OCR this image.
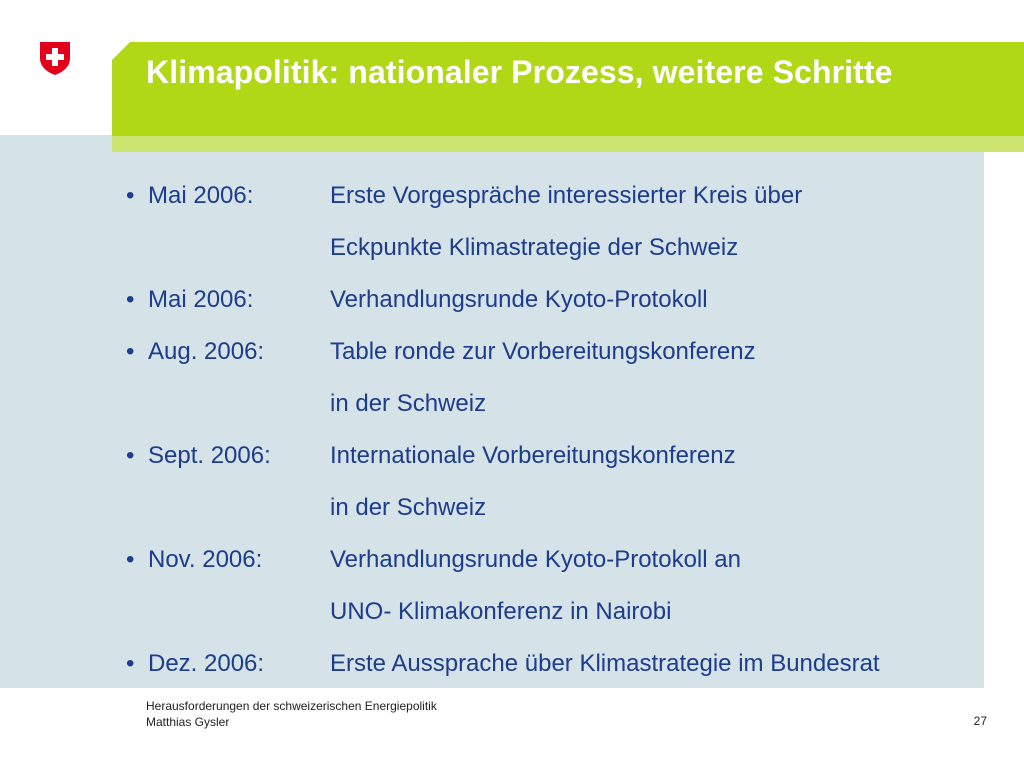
Klimapolitik: nationaler Prozess, weitere Schritte
• Mai 2006:	Erste Vorgespräche interessierter Kreis über
Eckpunkte Klimastrategie der Schweiz
• Mai 2006:	Verhandlungsrunde Kyoto-Protokoll
• Aug. 2006:	Table ronde zur Vorbereitungskonferenz
in der Schweiz
• Sept. 2006:	Internationale Vorbereitungskonferenz
in der Schweiz
• Nov. 2006:	Verhandlungsrunde Kyoto-Protokoll an
UNO- Klimakonferenz in Nairobi
• Dez. 2006:	Erste Aussprache über Klimastrategie im Bundesrat
Herausforderungen der schweizerischen Energiepolitik
Matthias Gysler	27
